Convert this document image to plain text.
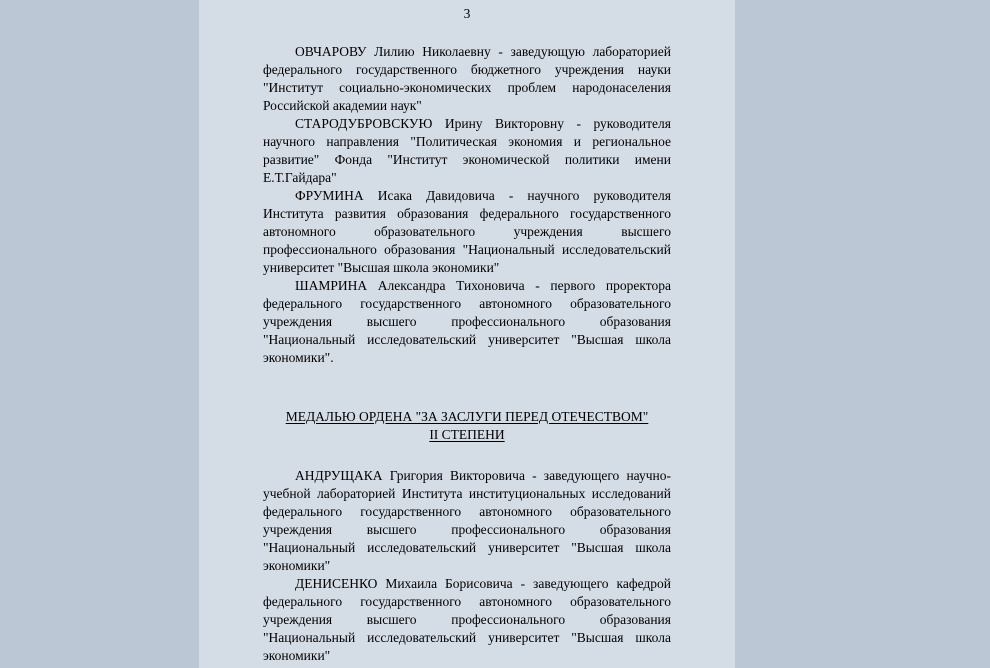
3

ОВЧАРОВУ Лилию Николаевну - заведующую лабораторией федерального государственного бюджетного учреждения науки "Институт социально-экономических проблем народонаселения Российской академии наук"

СТАРОДУБРОВСКУЮ Ирину Викторовну - руководителя научного направления "Политическая экономия и региональное развитие" Фонда "Институт экономической политики имени Е.Т.Гайдара"

ФРУМИНА Исака Давидовича - научного руководителя Института развития образования федерального государственного автономного образовательного учреждения высшего профессионального образования "Национальный исследовательский университет "Высшая школа экономики"

ШАМРИНА Александра Тихоновича - первого проректора федерального государственного автономного образовательного учреждения высшего профессионального образования "Национальный исследовательский университет "Высшая школа экономики".

МЕДАЛЬЮ ОРДЕНА "ЗА ЗАСЛУГИ ПЕРЕД ОТЕЧЕСТВОМ"
II СТЕПЕНИ

АНДРУЩАКА Григория Викторовича - заведующего научно-учебной лабораторией Института институциональных исследований федерального государственного автономного образовательного учреждения высшего профессионального образования "Национальный исследовательский университет "Высшая школа экономики"

ДЕНИСЕНКО Михаила Борисовича - заведующего кафедрой федерального государственного автономного образовательного учреждения высшего профессионального образования "Национальный исследовательский университет "Высшая школа экономики"
